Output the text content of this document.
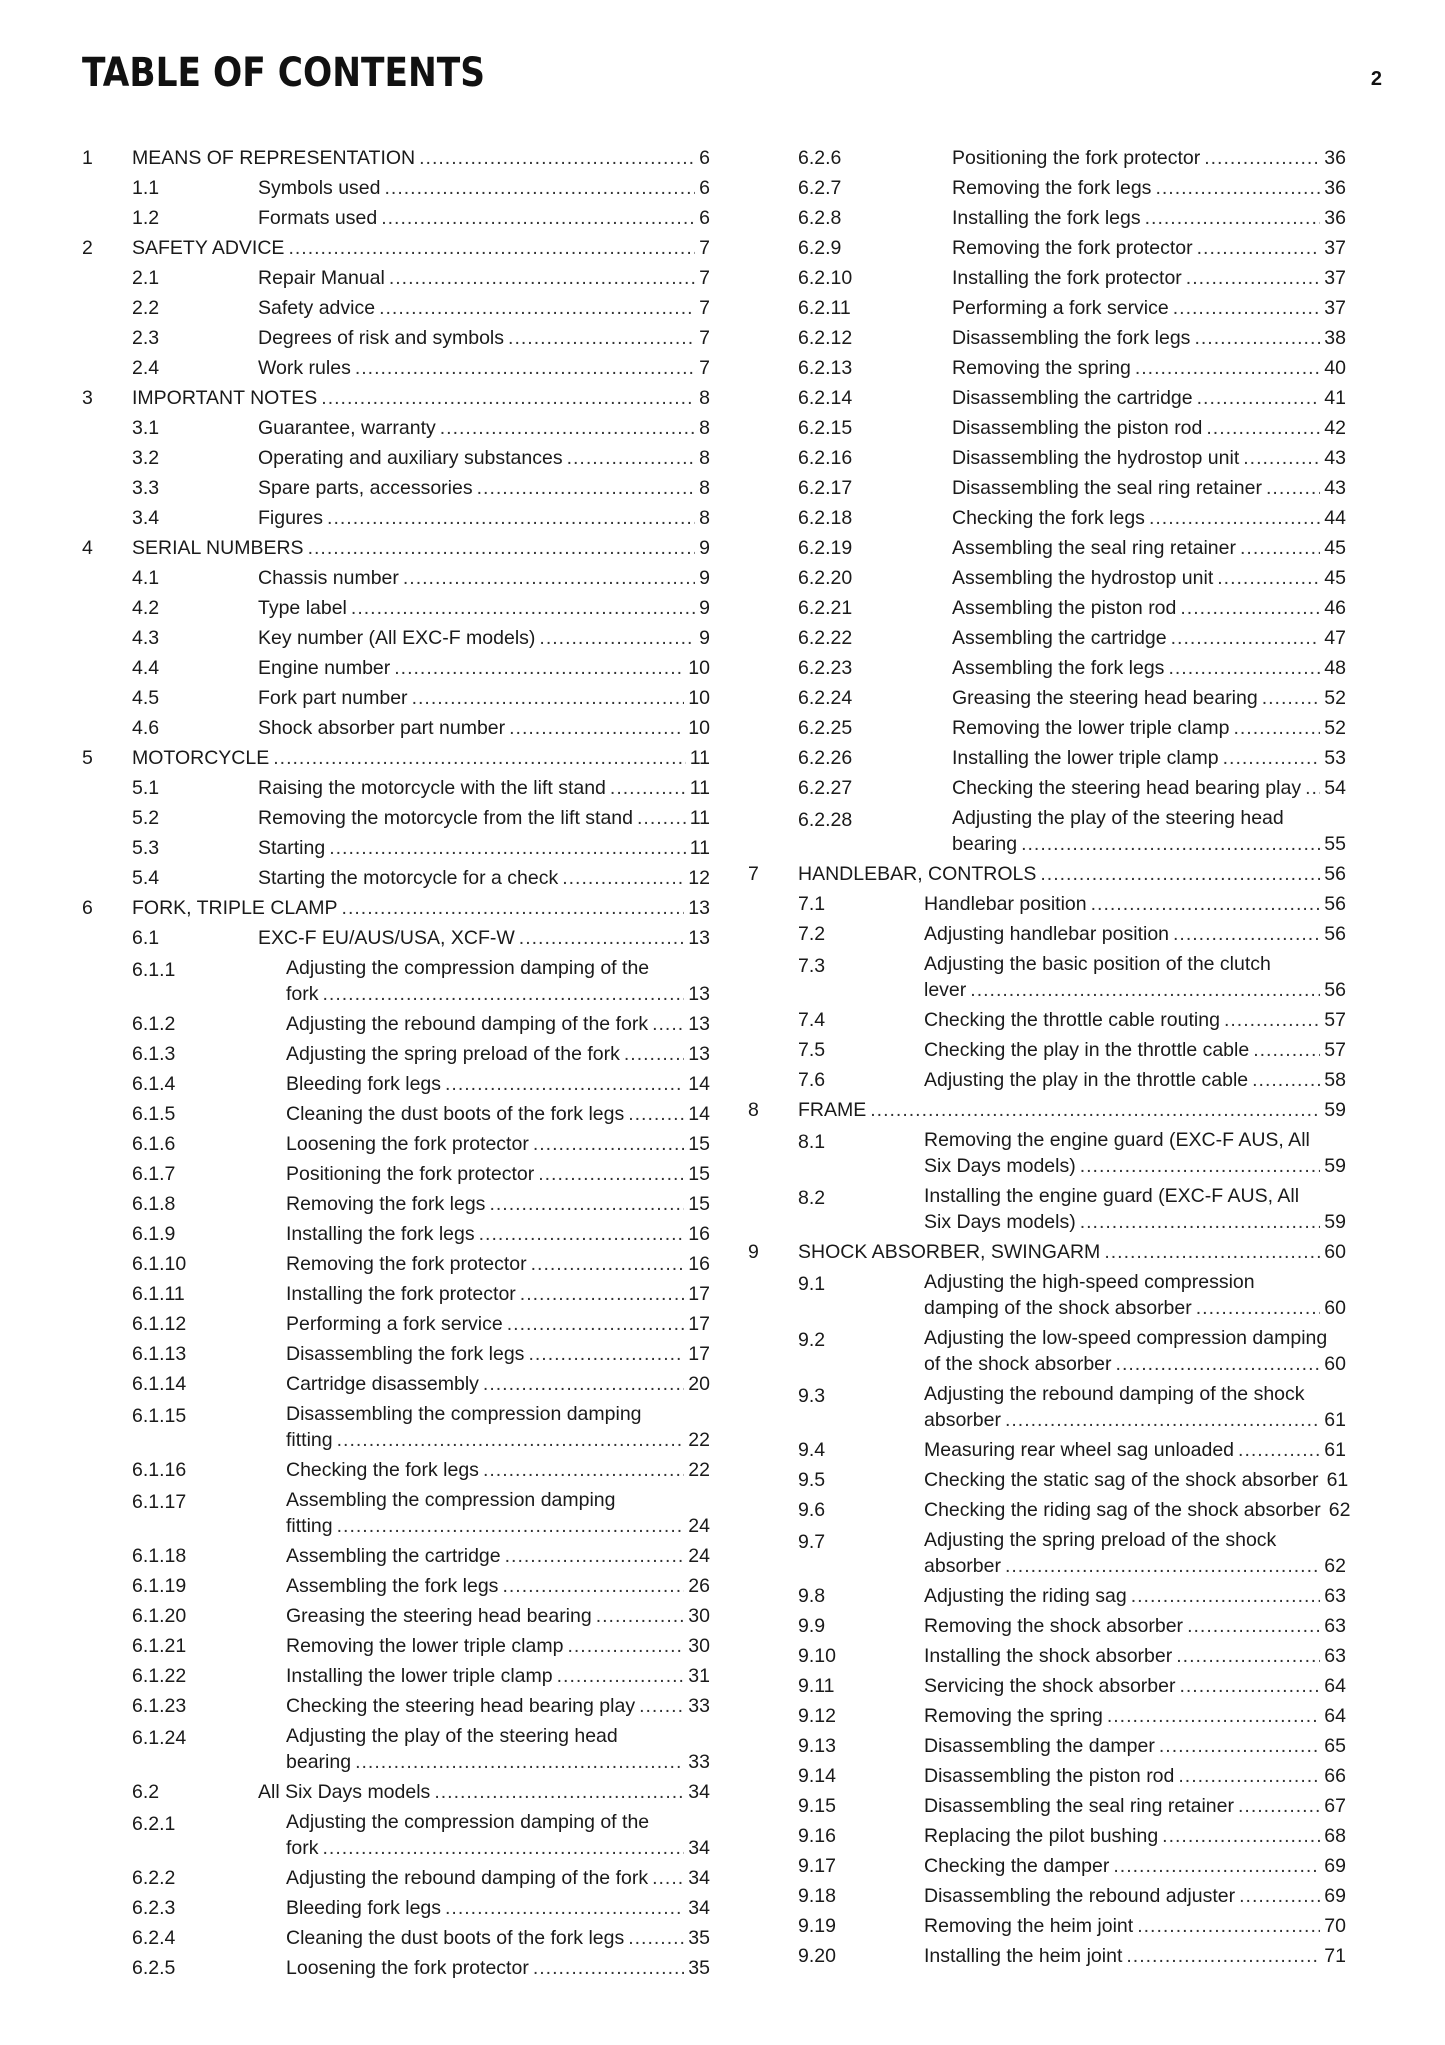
TABLE OF CONTENTS	2
1	MEANS OF REPRESENTATION .....	6
1.1	Symbols used .....	6
1.2	Formats used .....	6
2	SAFETY ADVICE .....	7
2.1	Repair Manual .....	7
2.2	Safety advice .....	7
2.3	Degrees of risk and symbols .....	7
2.4	Work rules .....	7
3	IMPORTANT NOTES .....	8
3.1	Guarantee, warranty .....	8
3.2	Operating and auxiliary substances .....	8
3.3	Spare parts, accessories .....	8
3.4	Figures .....	8
4	SERIAL NUMBERS .....	9
4.1	Chassis number .....	9
4.2	Type label .....	9
4.3	Key number (All EXC-F models) .....	9
4.4	Engine number .....	10
4.5	Fork part number .....	10
4.6	Shock absorber part number .....	10
5	MOTORCYCLE .....	11
5.1	Raising the motorcycle with the lift stand .....	11
5.2	Removing the motorcycle from the lift stand .....	11
5.3	Starting .....	11
5.4	Starting the motorcycle for a check .....	12
6	FORK, TRIPLE CLAMP .....	13
6.1	EXC-F EU/AUS/USA, XCF-W .....	13
6.1.1	Adjusting the compression damping of the
fork .....	13
6.1.2	Adjusting the rebound damping of the fork ..... 13
6.1.3	Adjusting the spring preload of the fork .....	13
6.1.4	Bleeding fork legs .....	14
6.1.5	Cleaning the dust boots of the fork legs .....	14
6.1.6	Loosening the fork protector .....	15
6.1.7	Positioning the fork protector .....	15
6.1.8	Removing the fork legs .....	15
6.1.9	Installing the fork legs .....	16
6.1.10	Removing the fork protector .....	16
6.1.11	Installing the fork protector .....	17
6.1.12	Performing a fork service .....	17
6.1.13	Disassembling the fork legs .....	17
6.1.14	Cartridge disassembly .....	20
6.1.15	Disassembling the compression damping
fitting .....	22
6.1.16	Checking the fork legs .....	22
6.1.17	Assembling the compression damping
fitting .....	24
6.1.18	Assembling the cartridge .....	24
6.1.19	Assembling the fork legs .....	26
6.1.20	Greasing the steering head bearing .....	30
6.1.21	Removing the lower triple clamp .....	30
6.1.22	Installing the lower triple clamp .....	31
6.1.23	Checking the steering head bearing play .....	33
6.1.24	Adjusting the play of the steering head
bearing .....	33
6.2	All Six Days models .....	34
6.2.1	Adjusting the compression damping of the
fork .....	34
6.2.2	Adjusting the rebound damping of the fork ..... 34
6.2.3	Bleeding fork legs .....	34
6.2.4	Cleaning the dust boots of the fork legs .....	35
6.2.5	Loosening the fork protector .....	35
6.2.6	Positioning the fork protector .....	36
6.2.7	Removing the fork legs .....	36
6.2.8	Installing the fork legs .....	36
6.2.9	Removing the fork protector .....	37
6.2.10	Installing the fork protector .....	37
6.2.11	Performing a fork service .....	37
6.2.12	Disassembling the fork legs .....	38
6.2.13	Removing the spring .....	40
6.2.14	Disassembling the cartridge .....	41
6.2.15	Disassembling the piston rod .....	42
6.2.16	Disassembling the hydrostop unit .....	43
6.2.17	Disassembling the seal ring retainer .....	43
6.2.18	Checking the fork legs .....	44
6.2.19	Assembling the seal ring retainer .....	45
6.2.20	Assembling the hydrostop unit .....	45
6.2.21	Assembling the piston rod .....	46
6.2.22	Assembling the cartridge .....	47
6.2.23	Assembling the fork legs .....	48
6.2.24	Greasing the steering head bearing .....	52
6.2.25	Removing the lower triple clamp .....	52
6.2.26	Installing the lower triple clamp .....	53
6.2.27	Checking the steering head bearing play ..... 54
6.2.28	Adjusting the play of the steering head
bearing .....	55
7	HANDLEBAR, CONTROLS .....	56
7.1	Handlebar position .....	56
7.2	Adjusting handlebar position .....	56
7.3	Adjusting the basic position of the clutch
lever .....	56
7.4	Checking the throttle cable routing .....	57
7.5	Checking the play in the throttle cable .....	57
7.6	Adjusting the play in the throttle cable .....	58
8	FRAME .....	59
8.1	Removing the engine guard (EXC-F AUS, All
Six Days models) .....	59
8.2	Installing the engine guard (EXC-F AUS, All
Six Days models) .....	59
9	SHOCK ABSORBER, SWINGARM .....	60
9.1	Adjusting the high-speed compression
damping of the shock absorber .....	60
9.2	Adjusting the low-speed compression damping
of the shock absorber .....	60
9.3	Adjusting the rebound damping of the shock
absorber .....	61
9.4	Measuring rear wheel sag unloaded .....	61
9.5	Checking the static sag of the shock absorber 61
9.6	Checking the riding sag of the shock absorber 62
9.7	Adjusting the spring preload of the shock
absorber .....	62
9.8	Adjusting the riding sag .....	63
9.9	Removing the shock absorber .....	63
9.10	Installing the shock absorber .....	63
9.11	Servicing the shock absorber .....	64
9.12	Removing the spring .....	64
9.13	Disassembling the damper .....	65
9.14	Disassembling the piston rod .....	66
9.15	Disassembling the seal ring retainer .....	67
9.16	Replacing the pilot bushing .....	68
9.17	Checking the damper .....	69
9.18	Disassembling the rebound adjuster .....	69
9.19	Removing the heim joint .....	70
9.20	Installing the heim joint .....	71
